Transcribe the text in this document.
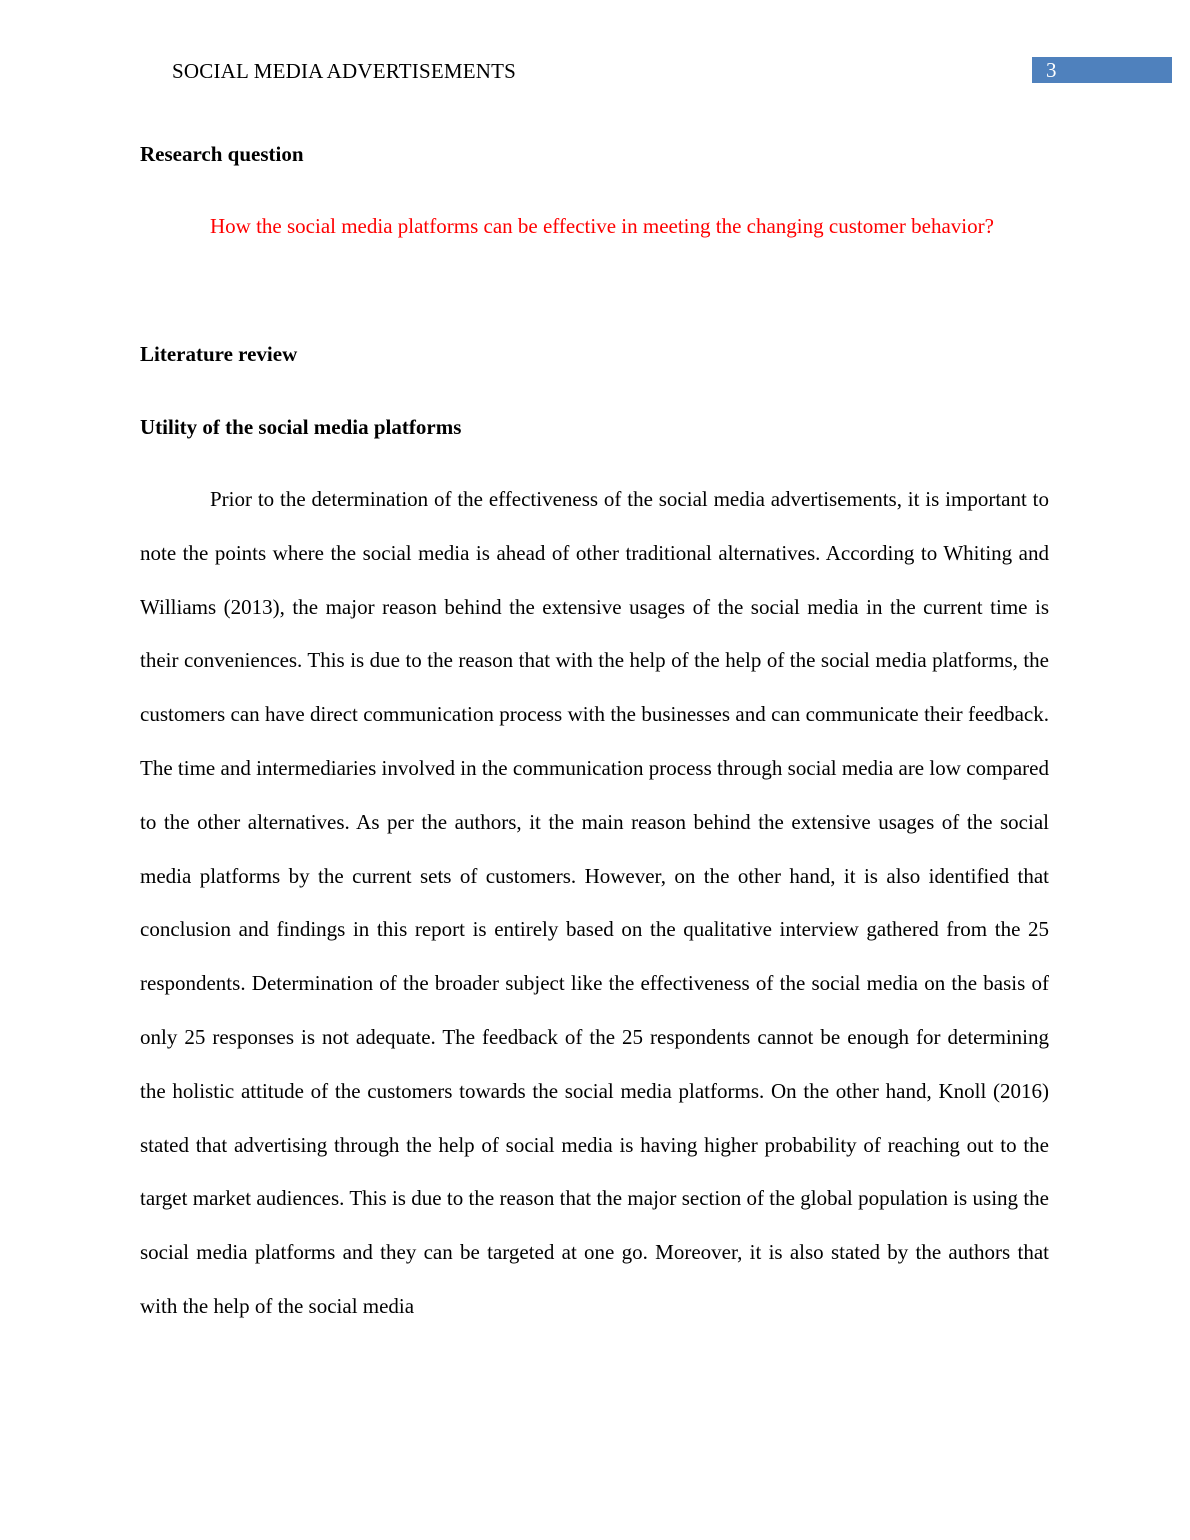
SOCIAL MEDIA ADVERTISEMENTS	3
Research question

How the social media platforms can be effective in meeting the changing customer behavior?

Literature review
Utility of the social media platforms

Prior to the determination of the effectiveness of the social media advertisements, it is important to note the points where the social media is ahead of other traditional alternatives. According to Whiting and Williams (2013), the major reason behind the extensive usages of the social media in the current time is their conveniences. This is due to the reason that with the help of the help of the social media platforms, the customers can have direct communication process with the businesses and can communicate their feedback. The time and intermediaries involved in the communication process through social media are low compared to the other alternatives. As per the authors, it the main reason behind the extensive usages of the social media platforms by the current sets of customers. However, on the other hand, it is also identified that conclusion and findings in this report is entirely based on the qualitative interview gathered from the 25 respondents. Determination of the broader subject like the effectiveness of the social media on the basis of only 25 responses is not adequate. The feedback of the 25 respondents cannot be enough for determining the holistic attitude of the customers towards the social media platforms. On the other hand, Knoll (2016) stated that advertising through the help of social media is having higher probability of reaching out to the target market audiences. This is due to the reason that the major section of the global population is using the social media platforms and they can be targeted at one go. Moreover, it is also stated by the authors that with the help of the social media
